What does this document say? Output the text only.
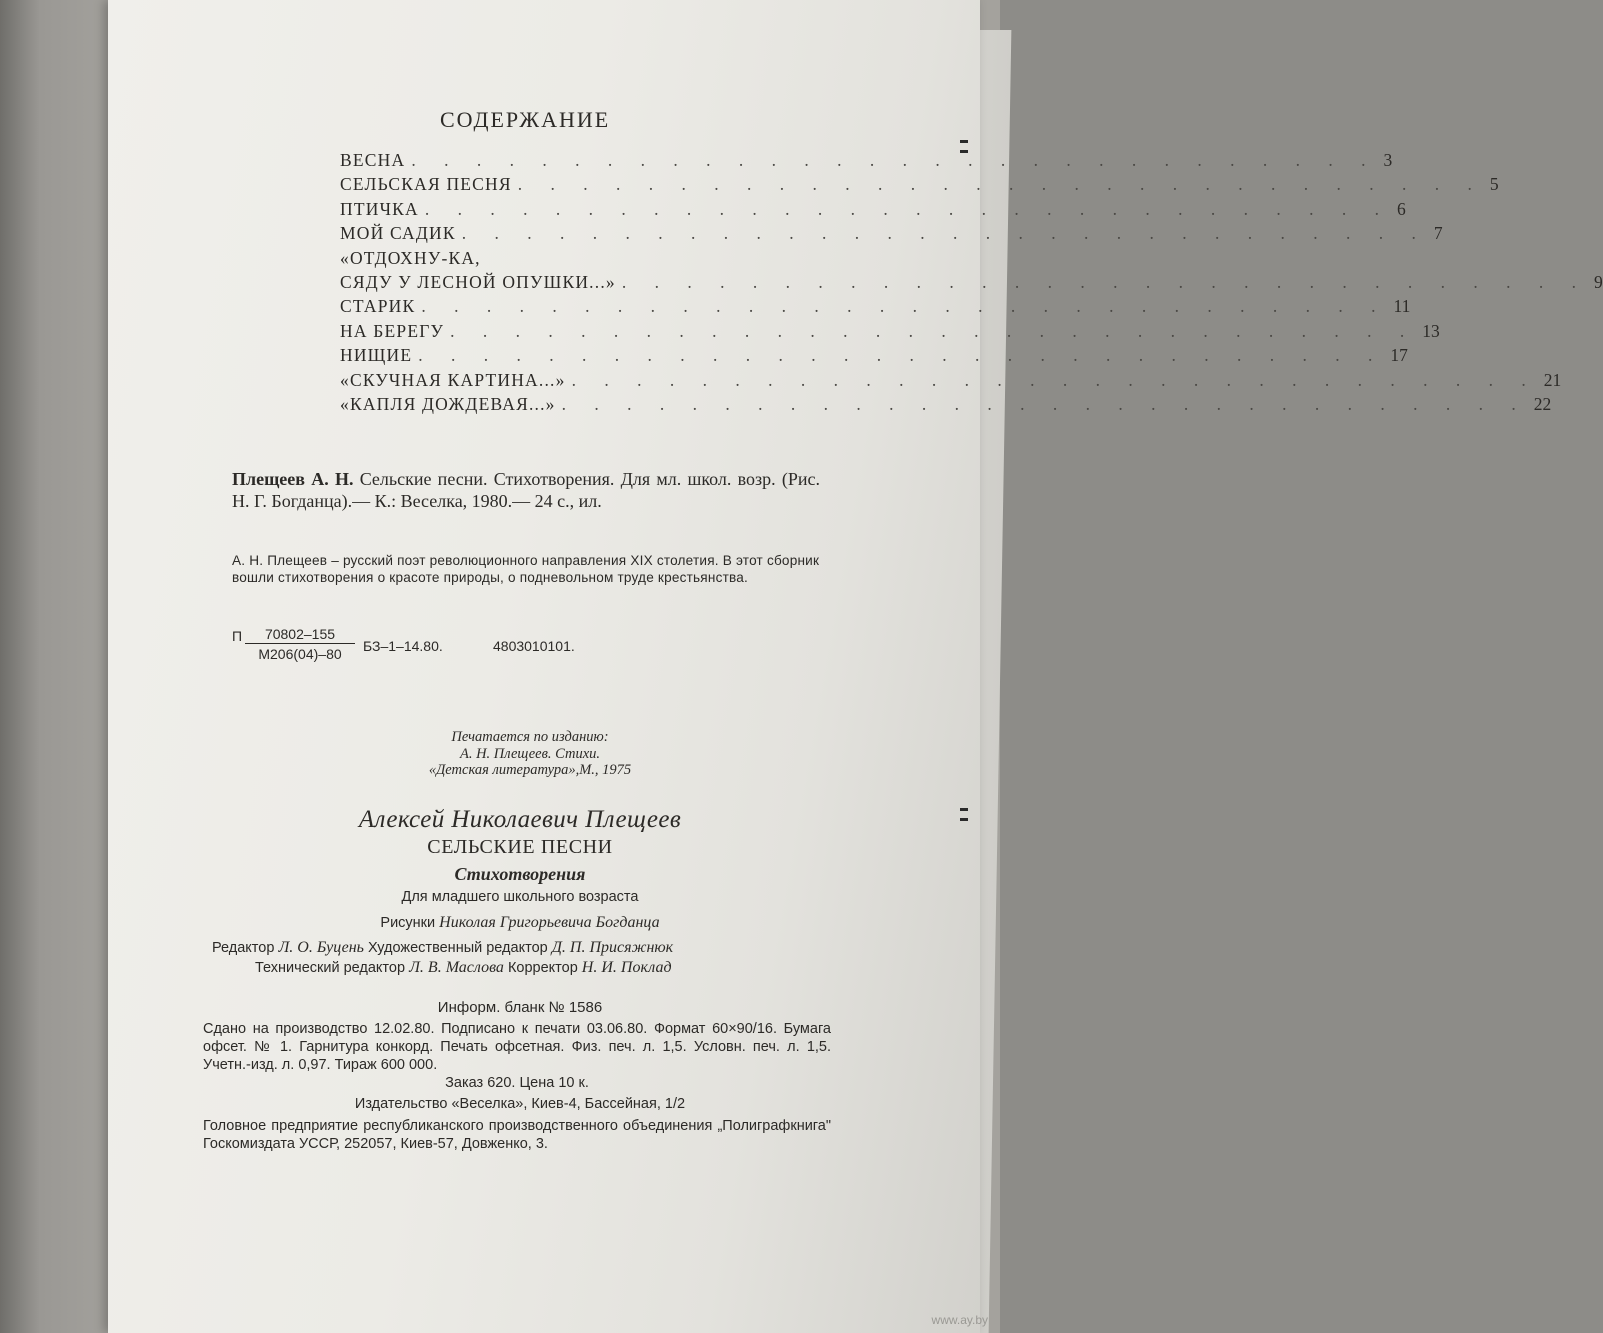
СОДЕРЖАНИЕ
ВЕСНА . . . . . . . . . . . . . . . . . . . . . . . . . . . . . . 3
СЕЛЬСКАЯ ПЕСНЯ . . . . . . . . . . . . . . . . . . . . . . . . . . . . . . 5
ПТИЧКА . . . . . . . . . . . . . . . . . . . . . . . . . . . . . . 6
МОЙ САДИК . . . . . . . . . . . . . . . . . . . . . . . . . . . . . . 7
«ОТДОХНУ-КА,
СЯДУ У ЛЕСНОЙ ОПУШКИ...» . . . . . . . . . . . . . . . . . . . . . . . . . . . . . . 9
СТАРИК . . . . . . . . . . . . . . . . . . . . . . . . . . . . . . 11
НА БЕРЕГУ . . . . . . . . . . . . . . . . . . . . . . . . . . . . . . 13
НИЩИЕ . . . . . . . . . . . . . . . . . . . . . . . . . . . . . . 17
«СКУЧНАЯ КАРТИНА...» . . . . . . . . . . . . . . . . . . . . . . . . . . . . . . 21
«КАПЛЯ ДОЖДЕВАЯ...» . . . . . . . . . . . . . . . . . . . . . . . . . . . . . . 22
Плещеев А. Н. Сельские песни. Стихотворения. Для мл. школ. возр. (Рис. Н. Г. Богданца).— К.: Веселка, 1980.— 24 с., ил.
А. Н. Плещеев – русский поэт революционного направления XIX столетия. В этот сборник вошли стихотворения о красоте природы, о подневольном труде крестьянства.
П	70802–155
М206(04)–80	БЗ–1–14.80.	4803010101.
Печатается по изданию:
А. Н. Плещеев. Стихи.
«Детская литература»,М., 1975
Алексей Николаевич Плещеев
СЕЛЬСКИЕ ПЕСНИ
Стихотворения
Для младшего школьного возраста
Рисунки Николая Григорьевича Богданца
Редактор Л. О. Буцень Художественный редактор Д. П. Присяжнюк
Технический редактор Л. В. Маслова Корректор Н. И. Поклад
Информ. бланк № 1586
Сдано на производство 12.02.80. Подписано к печати 03.06.80. Формат 60×90/16. Бумага офсет. № 1. Гарнитура конкорд. Печать офсетная. Физ. печ. л. 1,5. Условн. печ. л. 1,5. Учетн.-изд. л. 0,97. Тираж 600 000.
Заказ 620. Цена 10 к.
Издательство «Веселка», Киев-4, Бассейная, 1/2
Головное предприятие республиканского производственного объединения „Полиграфкнига" Госкомиздата УССР, 252057, Киев-57, Довженко, 3.
www.ay.by
